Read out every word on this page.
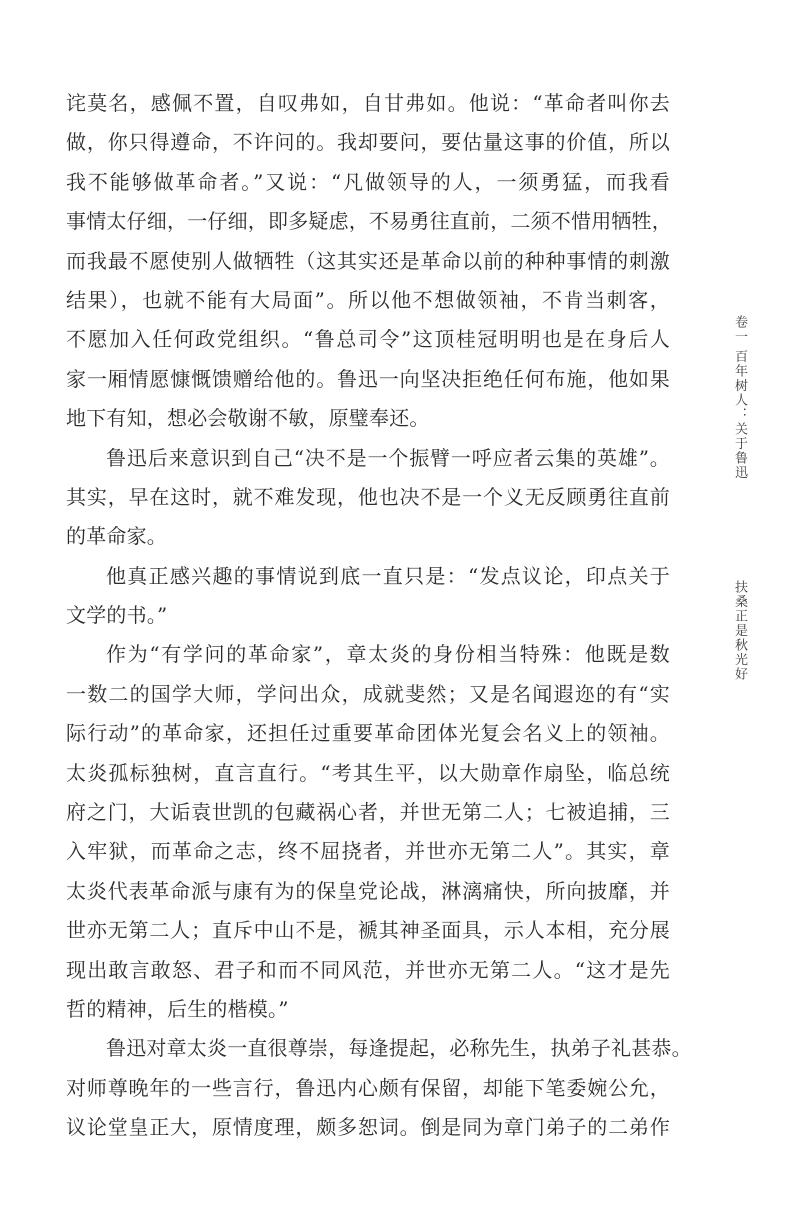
诧莫名，感佩不置，自叹弗如，自甘弗如。他说：“革命者叫你去
做，你只得遵命，不许问的。我却要问，要估量这事的价值，所以
我不能够做革命者。”又说：“凡做领导的人，一须勇猛，而我看
事情太仔细，一仔细，即多疑虑，不易勇往直前，二须不惜用牺牲，
而我最不愿使别人做牺牲（这其实还是革命以前的种种事情的刺激
结果），也就不能有大局面”。所以他不想做领袖，不肯当刺客，
不愿加入任何政党组织。“鲁总司令”这顶桂冠明明也是在身后人
家一厢情愿慷慨馈赠给他的。鲁迅一向坚决拒绝任何布施，他如果
地下有知，想必会敬谢不敏，原璧奉还。
鲁迅后来意识到自己“决不是一个振臂一呼应者云集的英雄”。
其实，早在这时，就不难发现，他也决不是一个义无反顾勇往直前
的革命家。
他真正感兴趣的事情说到底一直只是：“发点议论，印点关于
文学的书。”
作为“有学问的革命家”，章太炎的身份相当特殊：他既是数
一数二的国学大师，学问出众，成就斐然；又是名闻遐迩的有“实
际行动”的革命家，还担任过重要革命团体光复会名义上的领袖。
太炎孤标独树，直言直行。“考其生平，以大勋章作扇坠，临总统
府之门，大诟袁世凯的包藏祸心者，并世无第二人；七被追捕，三
入牢狱，而革命之志，终不屈挠者，并世亦无第二人”。其实，章
太炎代表革命派与康有为的保皇党论战，淋漓痛快，所向披靡，并
世亦无第二人；直斥中山不是，褫其神圣面具，示人本相，充分展
现出敢言敢怒、君子和而不同风范，并世亦无第二人。“这才是先
哲的精神，后生的楷模。”
鲁迅对章太炎一直很尊崇，每逢提起，必称先生，执弟子礼甚恭。
对师尊晚年的一些言行，鲁迅内心颇有保留，却能下笔委婉公允，
议论堂皇正大，原情度理，颇多恕词。倒是同为章门弟子的二弟作
卷一 百年树人：关于鲁迅
扶桑正是秋光好
